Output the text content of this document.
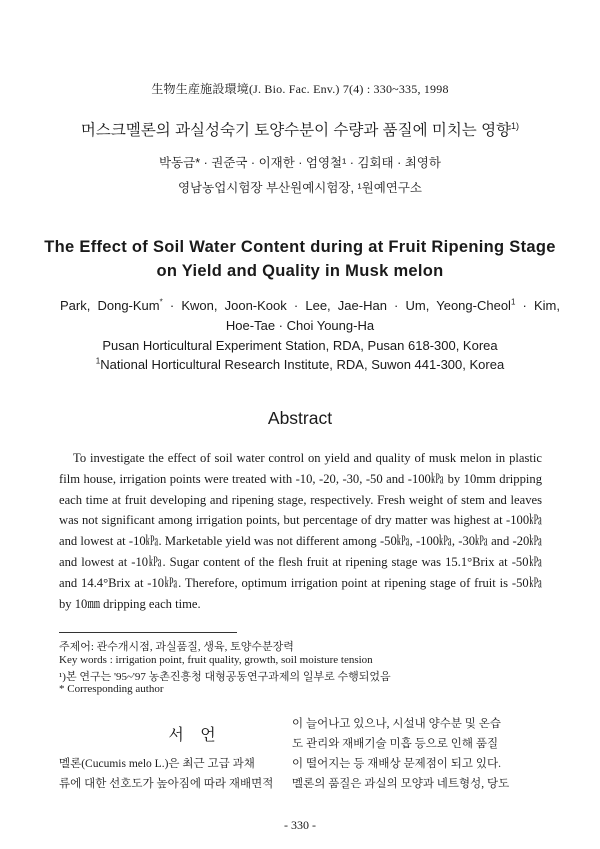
生物生産施設環境(J. Bio. Fac. Env.) 7(4) : 330~335, 1998
머스크멜론의 과실성숙기 토양수분이 수량과 품질에 미치는 영향$^{1)}$
박동금* · 권준국 · 이재한 · 엄영철¹ · 김회태 · 최영하
영남농업시험장 부산원예시험장, ¹원예연구소
The Effect of Soil Water Content during at Fruit Ripening Stage
on Yield and Quality in Musk melon
Park, Dong-Kum* · Kwon, Joon-Kook · Lee, Jae-Han · Um, Yeong-Cheol$^1$ · Kim,
Hoe-Tae · Choi Young-Ha
Pusan Horticultural Experiment Station, RDA, Pusan 618-300, Korea
$^1$National Horticultural Research Institute, RDA, Suwon 441-300, Korea
Abstract

To investigate the effect of soil water control on yield and quality of musk melon in plastic film house, irrigation points were treated with -10, -20, -30, -50 and -100㎪ by 10mm dripping each time at fruit developing and ripening stage, respectively. Fresh weight of stem and leaves was not significant among irrigation points, but percentage of dry matter was highest at -100㎪ and lowest at -10㎪. Marketable yield was not different among -50㎪, -100㎪, -30㎪ and -20㎪ and lowest at -10㎪. Sugar content of the flesh fruit at ripening stage was 15.1°Brix at -50㎪ and 14.4°Brix at -10㎪. Therefore, optimum irrigation point at ripening stage of fruit is -50㎪ by 10㎜ dripping each time.

주제어: 관수개시점, 과실품질, 생육, 토양수분장력
Key words : irrigation point, fruit quality, growth, soil moisture tension
¹)본 연구는 '95~'97 농촌진흥청 대형공동연구과제의 일부로 수행되었음
* Corresponding author
서 언
멜론(Cucumis melo L.)은 최근 고급 과채
류에 대한 선호도가 높아짐에 따라 재배면적
이 늘어나고 있으나, 시설내 양수분 및 온습
도 관리와 재배기술 미흡 등으로 인해 품질
이 떨어지는 등 재배상 문제점이 되고 있다.
멜론의 품질은 과실의 모양과 네트형성, 당도
- 330 -
